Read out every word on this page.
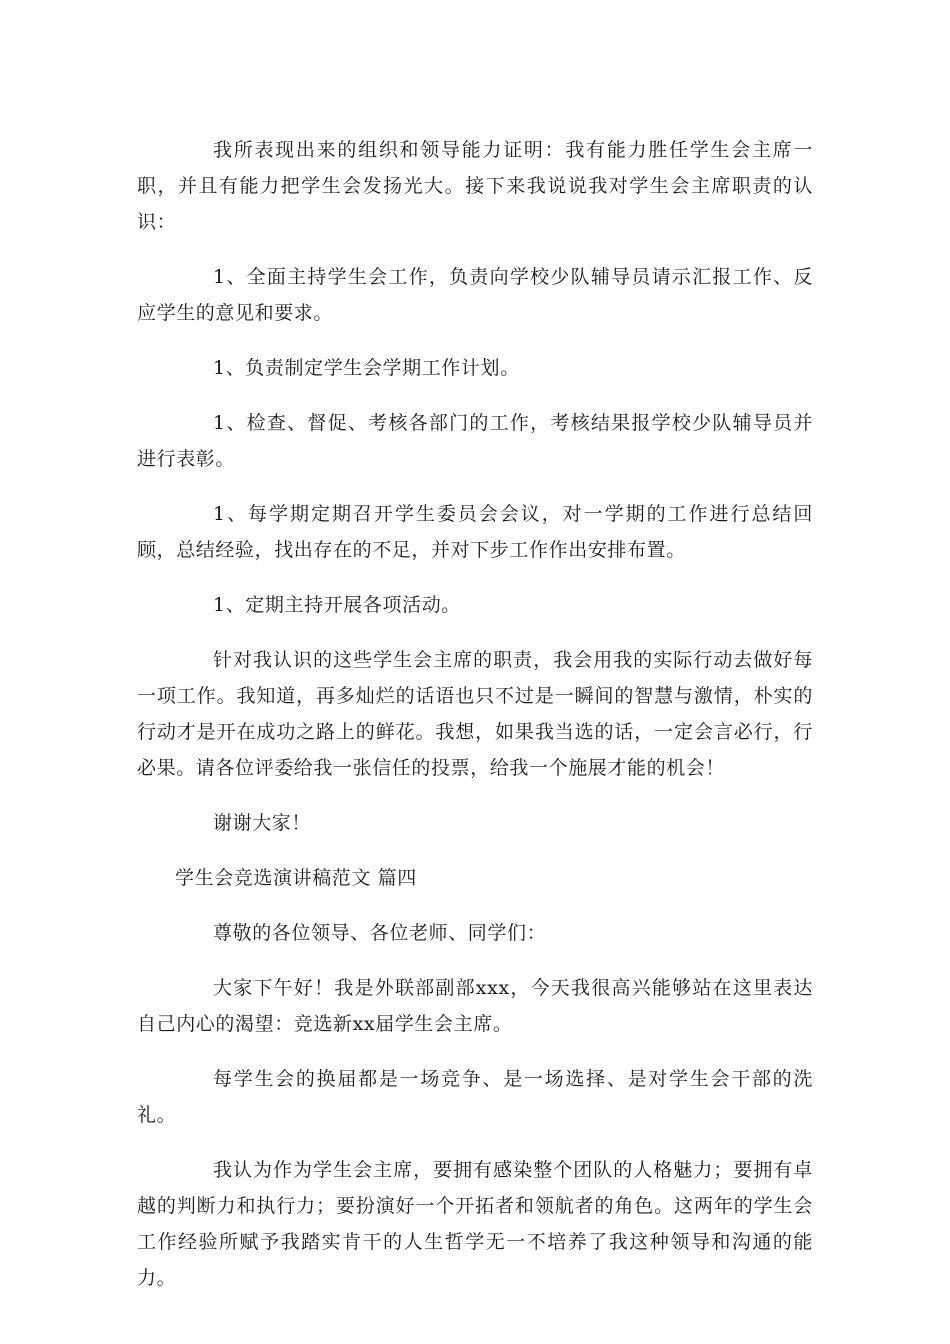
我所表现出来的组织和领导能力证明：我有能力胜任学生会主席一职，并且有能力把学生会发扬光大。接下来我说说我对学生会主席职责的认识：

1、全面主持学生会工作，负责向学校少队辅导员请示汇报工作、反应学生的意见和要求。

1、负责制定学生会学期工作计划。

1、检查、督促、考核各部门的工作，考核结果报学校少队辅导员并进行表彰。

1、每学期定期召开学生委员会会议，对一学期的工作进行总结回顾，总结经验，找出存在的不足，并对下步工作作出安排布置。

1、定期主持开展各项活动。

针对我认识的这些学生会主席的职责，我会用我的实际行动去做好每一项工作。我知道，再多灿烂的话语也只不过是一瞬间的智慧与激情，朴实的行动才是开在成功之路上的鲜花。我想，如果我当选的话，一定会言必行，行必果。请各位评委给我一张信任的投票，给我一个施展才能的机会！

谢谢大家！

学生会竞选演讲稿范文 篇四

尊敬的各位领导、各位老师、同学们：

大家下午好！我是外联部副部xxx，今天我很高兴能够站在这里表达自己内心的渴望：竞选新xx届学生会主席。

每学生会的换届都是一场竞争、是一场选择、是对学生会干部的洗礼。

我认为作为学生会主席，要拥有感染整个团队的人格魅力；要拥有卓越的判断力和执行力；要扮演好一个开拓者和领航者的角色。这两年的学生会工作经验所赋予我踏实肯干的人生哲学无一不培养了我这种领导和沟通的能力。
